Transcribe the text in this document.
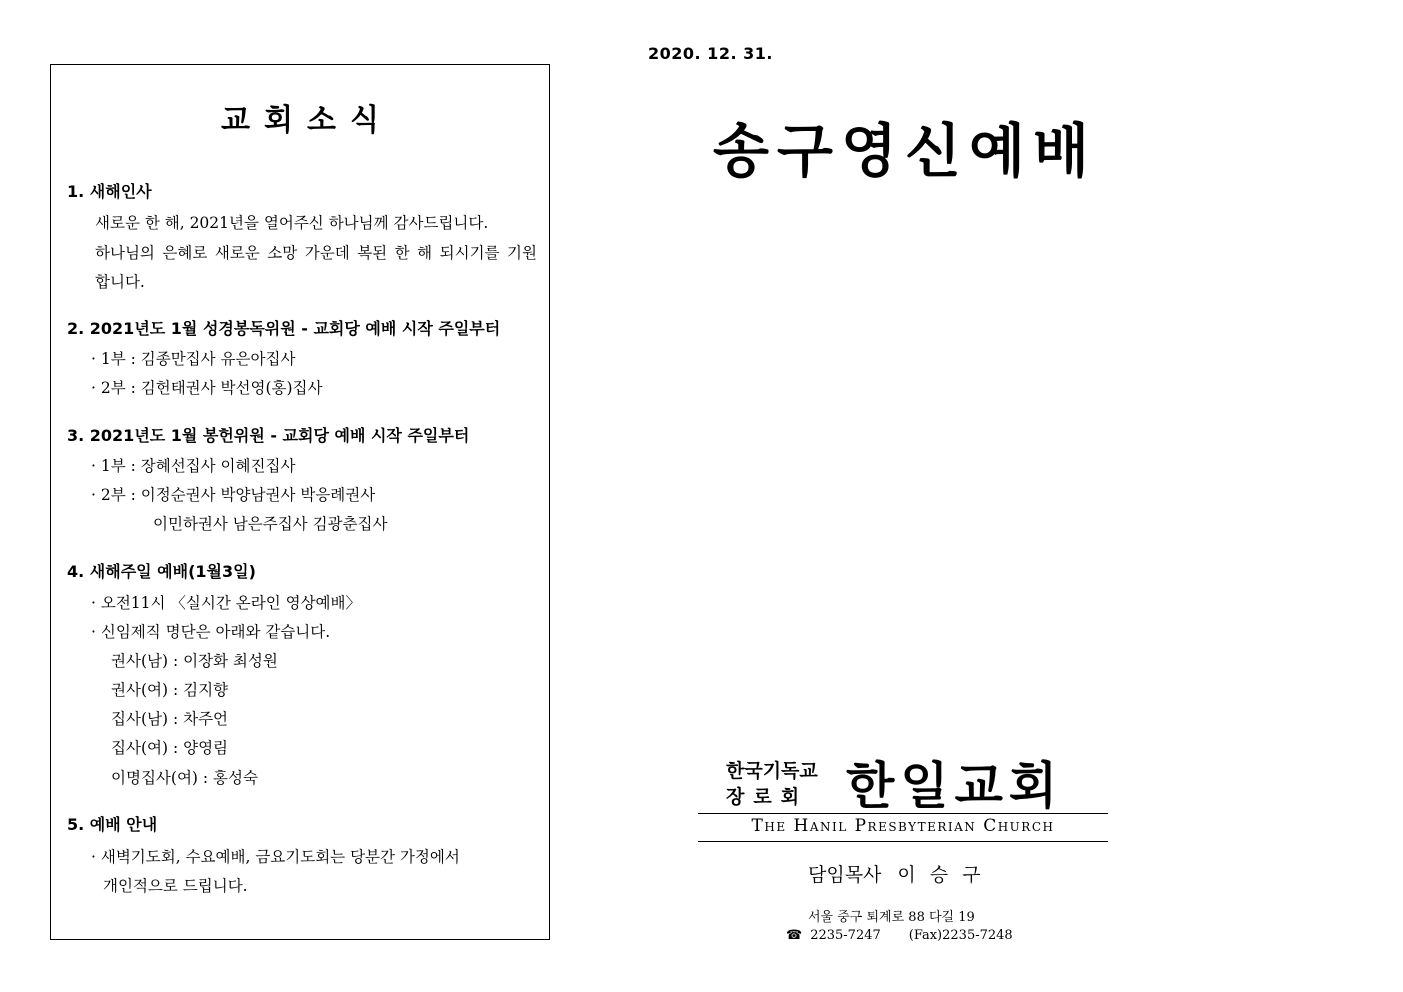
교회소식
1. 새해인사
새로운 한 해, 2021년을 열어주신 하나님께 감사드립니다.
하나님의 은혜로 새로운 소망 가운데 복된 한 해 되시기를 기원
합니다.
2. 2021년도 1월 성경봉독위원 - 교회당 예배 시작 주일부터
· 1부 : 김종만집사 유은아집사
· 2부 : 김헌태권사 박선영(홍)집사
3. 2021년도 1월 봉헌위원 - 교회당 예배 시작 주일부터
· 1부 : 장혜선집사 이혜진집사
· 2부 : 이정순권사 박양남권사 박응례권사
이민하권사 남은주집사 김광춘집사
4. 새해주일 예배(1월3일)
· 오전11시 〈실시간 온라인 영상예배〉
· 신임제직 명단은 아래와 같습니다.
권사(남) : 이장화 최성원
권사(여) : 김지향
집사(남) : 차주언
집사(여) : 양영림
이명집사(여) : 홍성숙
5. 예배 안내
· 새벽기도회, 수요예배, 금요기도회는 당분간 가정에서
개인적으로 드립니다.
2020. 12. 31.
송구영신예배
한국기독교
장로회 한일교회
The Hanil Presbyterian Church
담임목사 이승구
서울 중구 퇴계로 88 다길 19
☎ 2235-7247 (Fax)2235-7248
